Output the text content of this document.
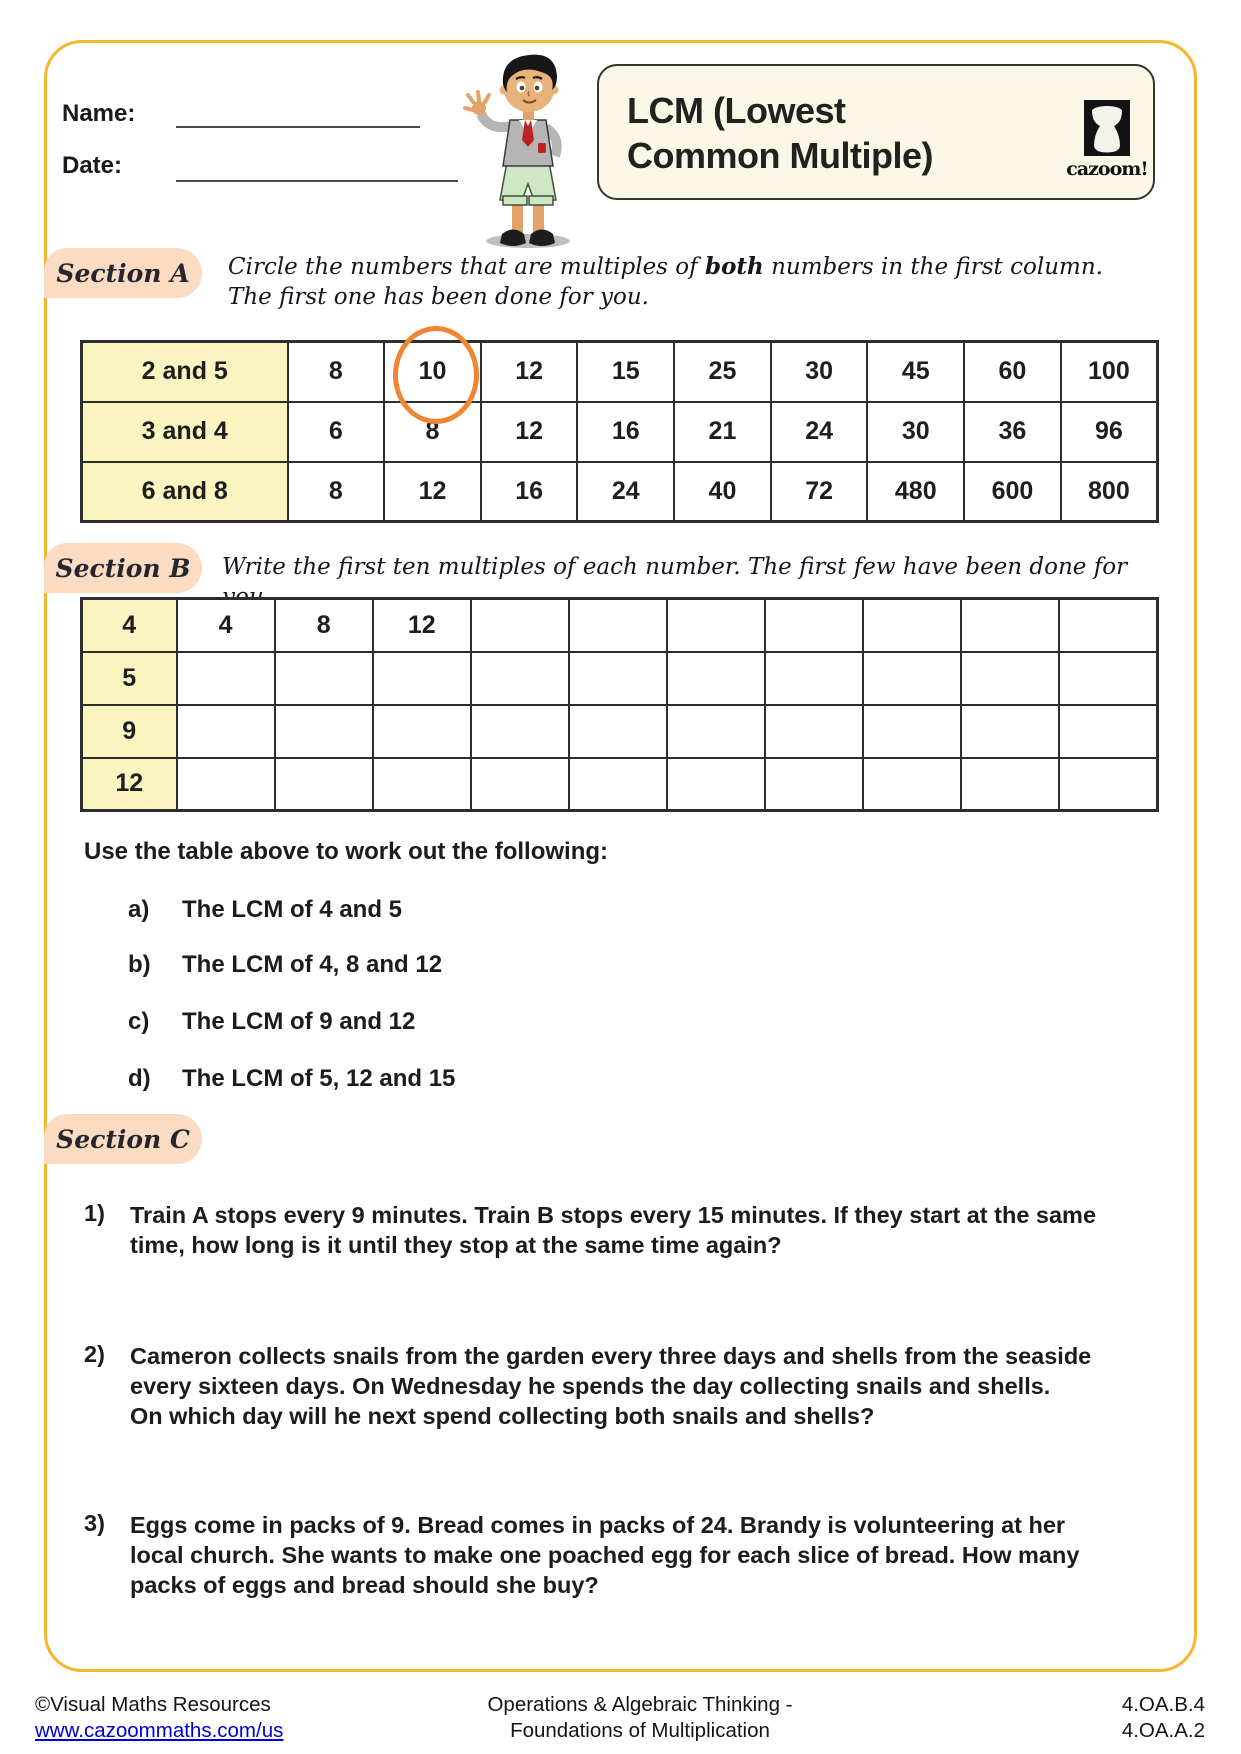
Name:
Date:
LCM (Lowest
Common Multiple)	cazoom!
Section A Circle the numbers that are multiples of both numbers in the first column.
The first one has been done for you.
2 and 5	8	10	12	15	25	30	45	60	100
3 and 4	6	8	12	16	21	24	30	36	96
6 and 8	8	12	16	24	40	72	480	600	800
Section B Write the first ten multiples of each number. The first few have been done for
4	4	8	12							
5										
9										
12										
Use the table above to work out the following:
a)	The LCM of 4 and 5
b)	The LCM of 4, 8 and 12
c)	The LCM of 9 and 12
d)	The LCM of 5, 12 and 15
Section C
1)	Train A stops every 9 minutes. Train B stops every 15 minutes. If they start at the same
time, how long is it until they stop at the same time again?
2)	Cameron collects snails from the garden every three days and shells from the seaside
every sixteen days. On Wednesday he spends the day collecting snails and shells.
On which day will he next spend collecting both snails and shells?
3)	Eggs come in packs of 9. Bread comes in packs of 24. Brandy is volunteering at her
local church. She wants to make one poached egg for each slice of bread. How many
packs of eggs and bread should she buy?
©Visual Maths Resources
www.cazoommaths.com/us
Operations & Algebraic Thinking -
Foundations of Multiplication
4.OA.B.4
4.OA.A.2
